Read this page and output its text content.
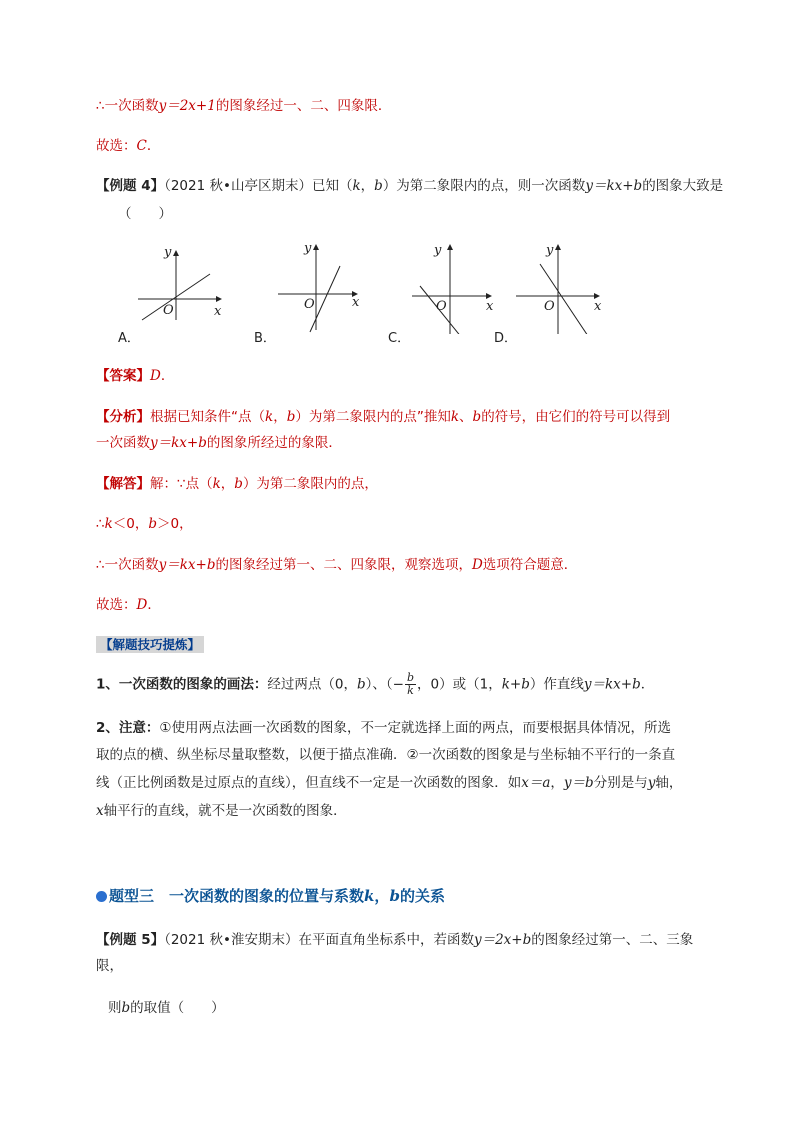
∴一次函数y＝2x+1的图象经过一、二、四象限．
故选：C．
【例题 4】（2021 秋•山亭区期末）已知（k，b）为第二象限内的点，则一次函数y＝kx+b的图象大致是
（　　）
y
x
O
A．
y
x
O
B．
y
x
O
C．
y
x
O
D．
【答案】D．
【分析】根据已知条件“点（k，b）为第二象限内的点”推知k、b的符号，由它们的符号可以得到
一次函数y＝kx+b的图象所经过的象限．
【解答】解：∵点（k，b）为第二象限内的点，
∴k＜0，b＞0，
∴一次函数y＝kx+b的图象经过第一、二、四象限，观察选项，D选项符合题意．
故选：D．
【解题技巧提炼】
1、一次函数的图象的画法：经过两点（0，b）、（− $\frac{b}{k}$ ，0）或（1，k+b）作直线y＝kx+b．
2、注意：①使用两点法画一次函数的图象，不一定就选择上面的两点，而要根据具体情况，所选
取的点的横、纵坐标尽量取整数，以便于描点准确．②一次函数的图象是与坐标轴不平行的一条直
线（正比例函数是过原点的直线），但直线不一定是一次函数的图象．如x＝a，y＝b分别是与y轴，
x轴平行的直线，就不是一次函数的图象．
题型三　一次函数的图象的位置与系数k，b的关系
【例题 5】（2021 秋•淮安期末）在平面直角坐标系中，若函数y＝2x+b的图象经过第一、二、三象
限，
则b的取值（　　）
